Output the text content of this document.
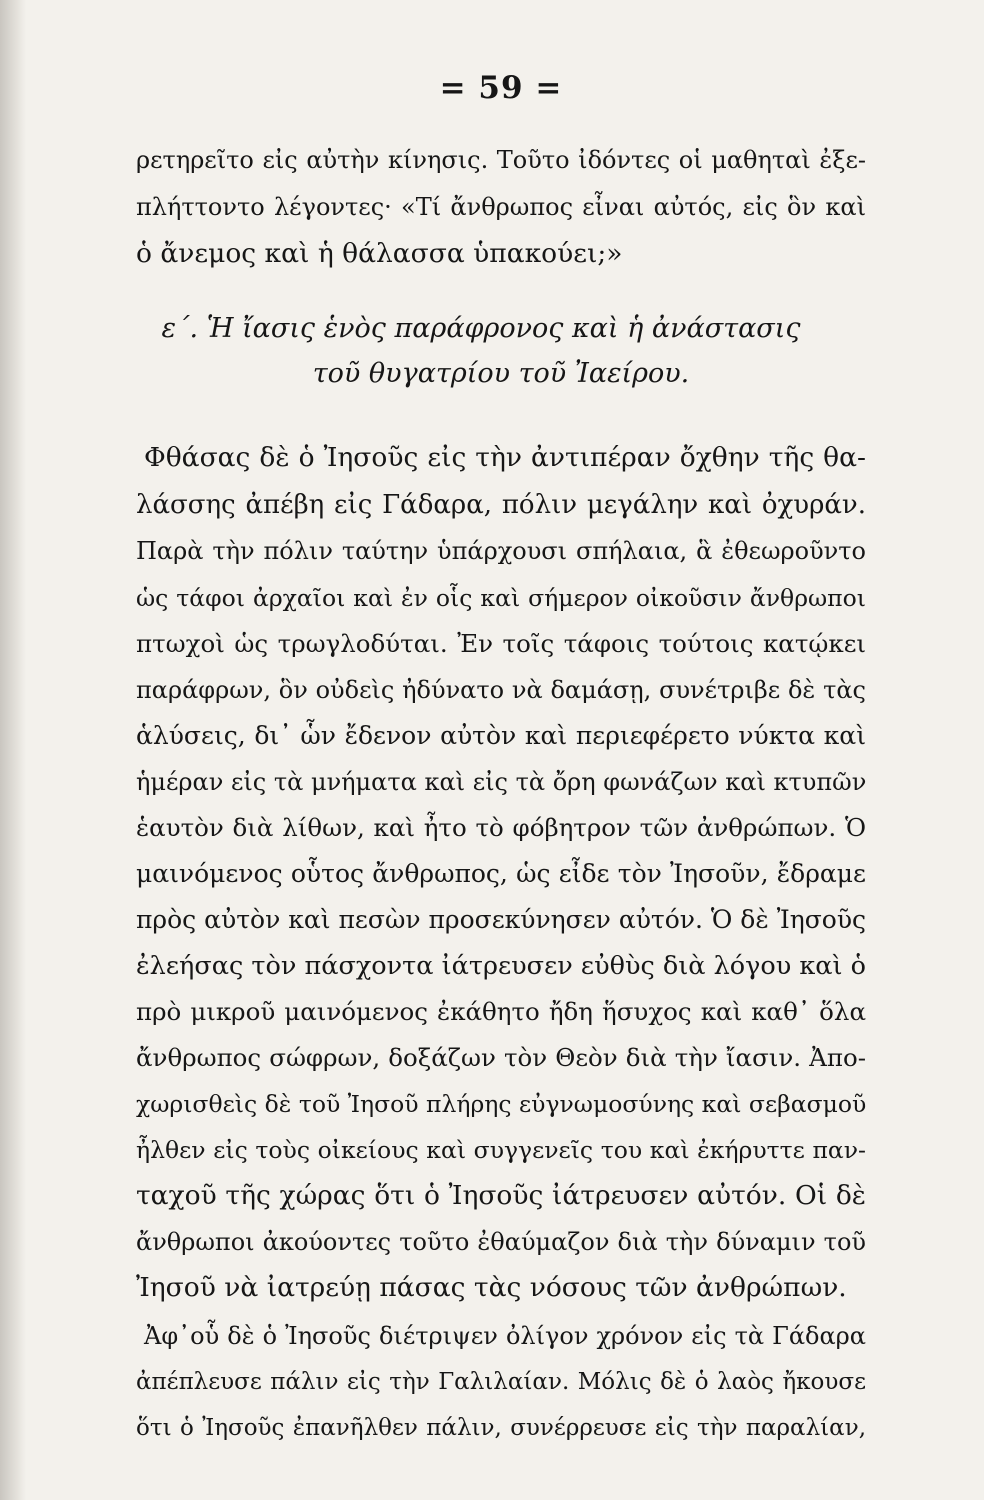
= 59 =
ρετηρεῖτο εἰς αὐτὴν κίνησις. Τοῦτο ἰδόντες οἱ μαθηταὶ ἐξε-
πλήττοντο λέγοντες· «Τί ἄνθρωπος εἶναι αὐτός, εἰς ὃν καὶ
ὁ ἄνεμος καὶ ἡ θάλασσα ὑπακούει;»
ε΄. Ἡ ἴασις ἑνὸς παράφρονος καὶ ἡ ἀνάστασις
τοῦ θυγατρίου τοῦ Ἰαείρου.
Φθάσας δὲ ὁ Ἰησοῦς εἰς τὴν ἀντιπέραν ὄχθην τῆς θα-
λάσσης ἀπέβη εἰς Γάδαρα, πόλιν μεγάλην καὶ ὀχυράν.
Παρὰ τὴν πόλιν ταύτην ὑπάρχουσι σπήλαια, ἃ ἐθεωροῦντο
ὡς τάφοι ἀρχαῖοι καὶ ἐν οἷς καὶ σήμερον οἰκοῦσιν ἄνθρωποι
πτωχοὶ ὡς τρωγλοδύται. Ἐν τοῖς τάφοις τούτοις κατῴκει
παράφρων, ὃν οὐδεὶς ἠδύνατο νὰ δαμάσῃ, συνέτριβε δὲ τὰς
ἁλύσεις, δι᾽ ὧν ἔδενον αὐτὸν καὶ περιεφέρετο νύκτα καὶ
ἡμέραν εἰς τὰ μνήματα καὶ εἰς τὰ ὄρη φωνάζων καὶ κτυπῶν
ἑαυτὸν διὰ λίθων, καὶ ἦτο τὸ φόβητρον τῶν ἀνθρώπων. Ὁ
μαινόμενος οὗτος ἄνθρωπος, ὡς εἶδε τὸν Ἰησοῦν, ἔδραμε
πρὸς αὐτὸν καὶ πεσὼν προσεκύνησεν αὐτόν. Ὁ δὲ Ἰησοῦς
ἐλεήσας τὸν πάσχοντα ἰάτρευσεν εὐθὺς διὰ λόγου καὶ ὁ
πρὸ μικροῦ μαινόμενος ἐκάθητο ἤδη ἥσυχος καὶ καθ᾽ ὅλα
ἄνθρωπος σώφρων, δοξάζων τὸν Θεὸν διὰ τὴν ἴασιν. Ἀπο-
χωρισθεὶς δὲ τοῦ Ἰησοῦ πλήρης εὐγνωμοσύνης καὶ σεβασμοῦ
ἦλθεν εἰς τοὺς οἰκείους καὶ συγγενεῖς του καὶ ἐκήρυττε παν-
ταχοῦ τῆς χώρας ὅτι ὁ Ἰησοῦς ἰάτρευσεν αὐτόν. Οἱ δὲ
ἄνθρωποι ἀκούοντες τοῦτο ἐθαύμαζον διὰ τὴν δύναμιν τοῦ
Ἰησοῦ νὰ ἰατρεύῃ πάσας τὰς νόσους τῶν ἀνθρώπων.
Ἀφ᾽οὗ δὲ ὁ Ἰησοῦς διέτριψεν ὀλίγον χρόνον εἰς τὰ Γάδαρα
ἀπέπλευσε πάλιν εἰς τὴν Γαλιλαίαν. Μόλις δὲ ὁ λαὸς ἤκουσε
ὅτι ὁ Ἰησοῦς ἐπανῆλθεν πάλιν, συνέρρευσε εἰς τὴν παραλίαν,
